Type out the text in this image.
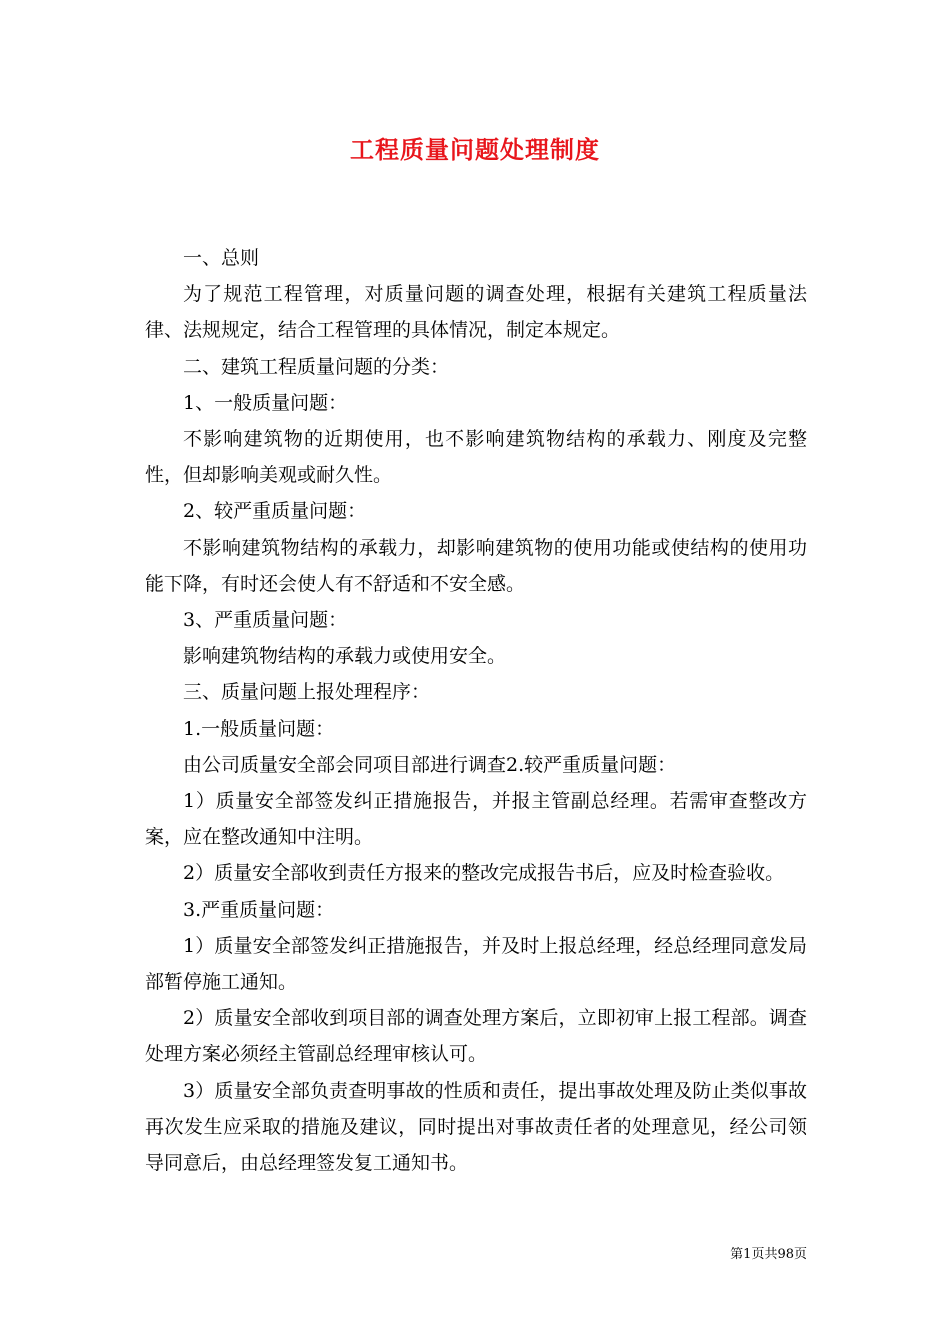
工程质量问题处理制度

一、总则

为了规范工程管理，对质量问题的调查处理，根据有关建筑工程质量法律、法规规定，结合工程管理的具体情况，制定本规定。

二、建筑工程质量问题的分类：

1、一般质量问题：

不影响建筑物的近期使用，也不影响建筑物结构的承载力、刚度及完整性，但却影响美观或耐久性。

2、较严重质量问题：

不影响建筑物结构的承载力，却影响建筑物的使用功能或使结构的使用功能下降，有时还会使人有不舒适和不安全感。

3、严重质量问题：

影响建筑物结构的承载力或使用安全。

三、质量问题上报处理程序：

1.一般质量问题：

由公司质量安全部会同项目部进行调查2.较严重质量问题：

1）质量安全部签发纠正措施报告，并报主管副总经理。若需审查整改方案，应在整改通知中注明。

2）质量安全部收到责任方报来的整改完成报告书后，应及时检查验收。

3.严重质量问题：

1）质量安全部签发纠正措施报告，并及时上报总经理，经总经理同意发局部暂停施工通知。

2）质量安全部收到项目部的调查处理方案后，立即初审上报工程部。调查处理方案必须经主管副总经理审核认可。

3）质量安全部负责查明事故的性质和责任，提出事故处理及防止类似事故再次发生应采取的措施及建议，同时提出对事故责任者的处理意见，经公司领导同意后，由总经理签发复工通知书。

第1页共98页
